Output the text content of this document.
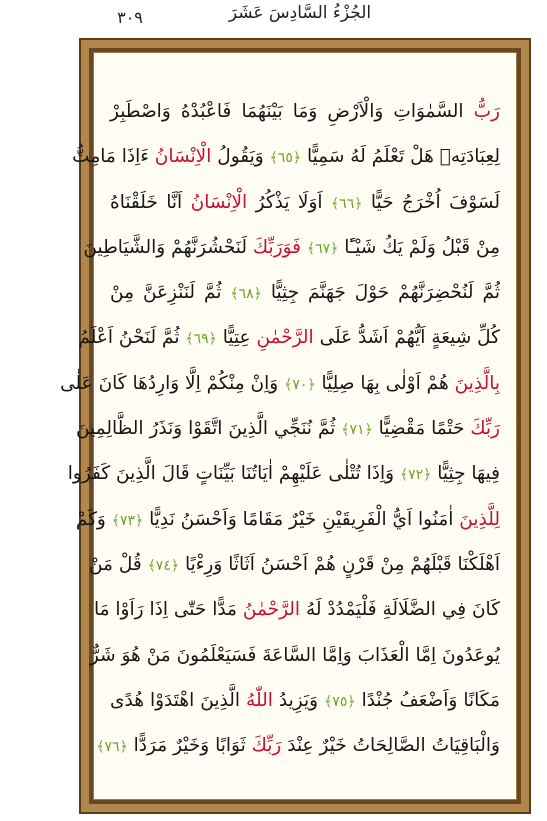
٣٠٩	الجُزْءُ السَّادِسَ عَشَرَ
رَبُّ السَّمٰوَاتِ وَالْاَرْضِ وَمَا بَيْنَهُمَا فَاعْبُدْهُ وَاصْطَبِرْ
لِعِبَادَتِهٖ هَلْ تَعْلَمُ لَهُ سَمِيًّا ﴿٦٥﴾ وَيَقُولُ الْاِنْسَانُ ءَاِذَا مَامِتُّ
لَسَوْفَ اُخْرَجُ حَيًّا ﴿٦٦﴾ اَوَلَا يَذْكُرُ الْاِنْسَانُ اَنَّا خَلَقْنَاهُ
مِنْ قَبْلُ وَلَمْ يَكُ شَيْـًٔا ﴿٦٧﴾ فَوَرَبِّكَ لَنَحْشُرَنَّهُمْ وَالشَّيَاطِينَ
ثُمَّ لَنُحْضِرَنَّهُمْ حَوْلَ جَهَنَّمَ جِثِيًّا ﴿٦٨﴾ ثُمَّ لَنَنْزِعَنَّ مِنْ
كُلِّ شِيعَةٍ اَيُّهُمْ اَشَدُّ عَلَى الرَّحْمٰنِ عِتِيًّا ﴿٦٩﴾ ثُمَّ لَنَحْنُ اَعْلَمُ
بِالَّذِينَ هُمْ اَوْلٰى بِهَا صِلِيًّا ﴿٧٠﴾ وَاِنْ مِنْكُمْ اِلَّا وَارِدُهَا كَانَ عَلٰى
رَبِّكَ حَتْمًا مَقْضِيًّا ﴿٧١﴾ ثُمَّ نُنَجِّي الَّذِينَ اتَّقَوْا وَنَذَرُ الظَّالِمِينَ
فِيهَا جِثِيًّا ﴿٧٢﴾ وَاِذَا تُتْلٰى عَلَيْهِمْ اٰيَاتُنَا بَيِّنَاتٍ قَالَ الَّذِينَ كَفَرُوا
لِلَّذِينَ اٰمَنُوا اَيُّ الْفَرِيقَيْنِ خَيْرٌ مَقَامًا وَاَحْسَنُ نَدِيًّا ﴿٧٣﴾ وَكَمْ
اَهْلَكْنَا قَبْلَهُمْ مِنْ قَرْنٍ هُمْ اَحْسَنُ اَثَاثًا وَرِءْيًا ﴿٧٤﴾ قُلْ مَنْ
كَانَ فِي الضَّلَالَةِ فَلْيَمْدُدْ لَهُ الرَّحْمٰنُ مَدًّا حَتّٰى اِذَا رَاَوْا مَا
يُوعَدُونَ اِمَّا الْعَذَابَ وَاِمَّا السَّاعَةَ فَسَيَعْلَمُونَ مَنْ هُوَ شَرٌّ
مَكَانًا وَاَضْعَفُ جُنْدًا ﴿٧٥﴾ وَيَزِيدُ اللّٰهُ الَّذِينَ اهْتَدَوْا هُدًى
وَالْبَاقِيَاتُ الصَّالِحَاتُ خَيْرٌ عِنْدَ رَبِّكَ ثَوَابًا وَخَيْرٌ مَرَدًّا ﴿٧٦﴾
